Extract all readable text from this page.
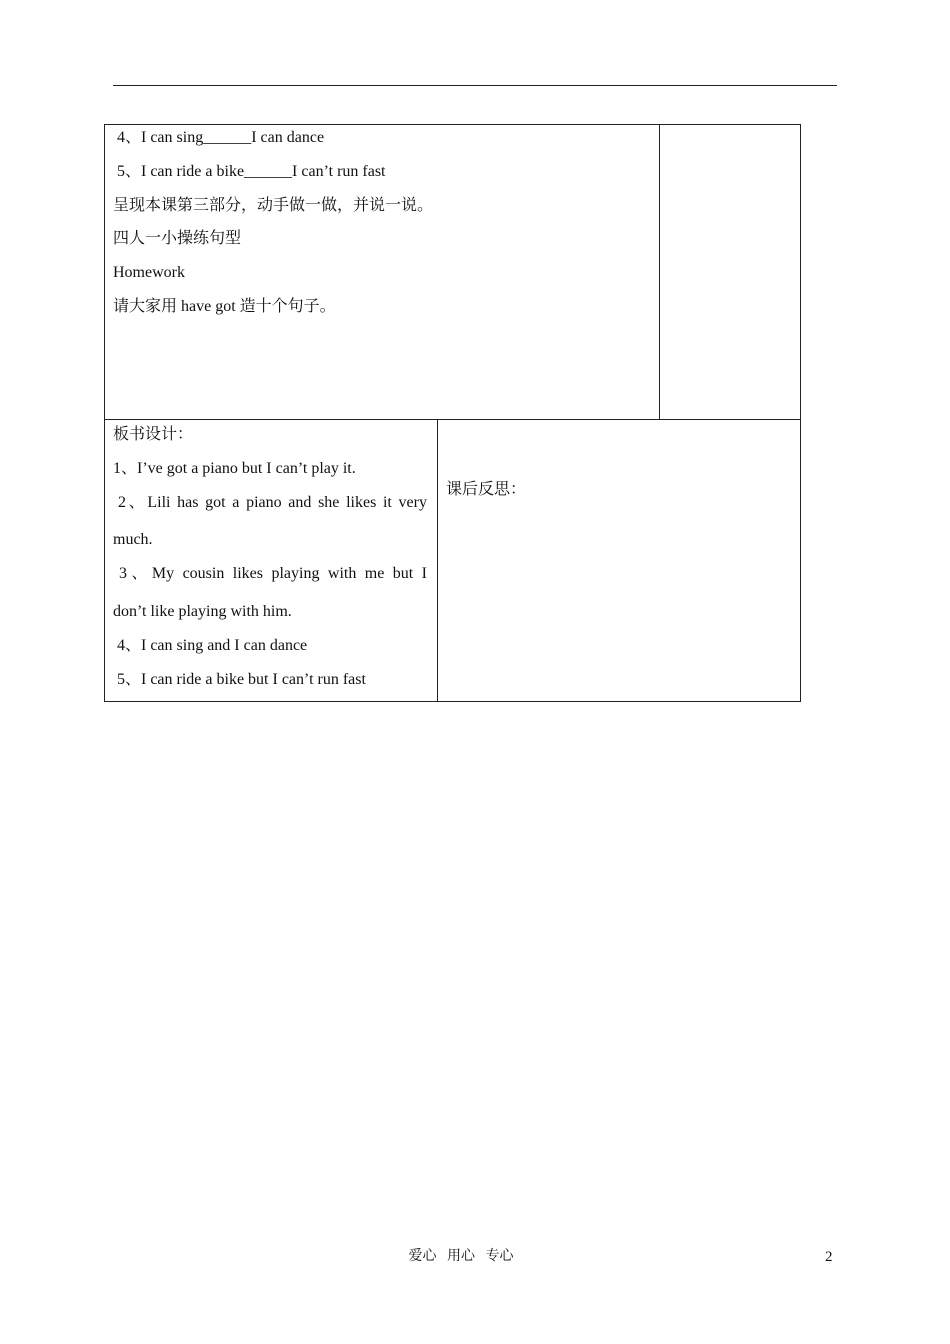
4、I can sing______I can dance
5、I can ride a bike______I can’t run fast
呈现本课第三部分，动手做一做，并说一说。
四人一小操练句型
Homework
请大家用 have got 造十个句子。
板书设计：
1、I’ve got a piano but I can’t play it.
2、Lili has got a piano and she likes it very
much.
3、My cousin likes playing with me but I
don’t like playing with him.
4、I can sing and I can dance
5、I can ride a bike but I can’t run fast
课后反思：
爱心   用心   专心	2
